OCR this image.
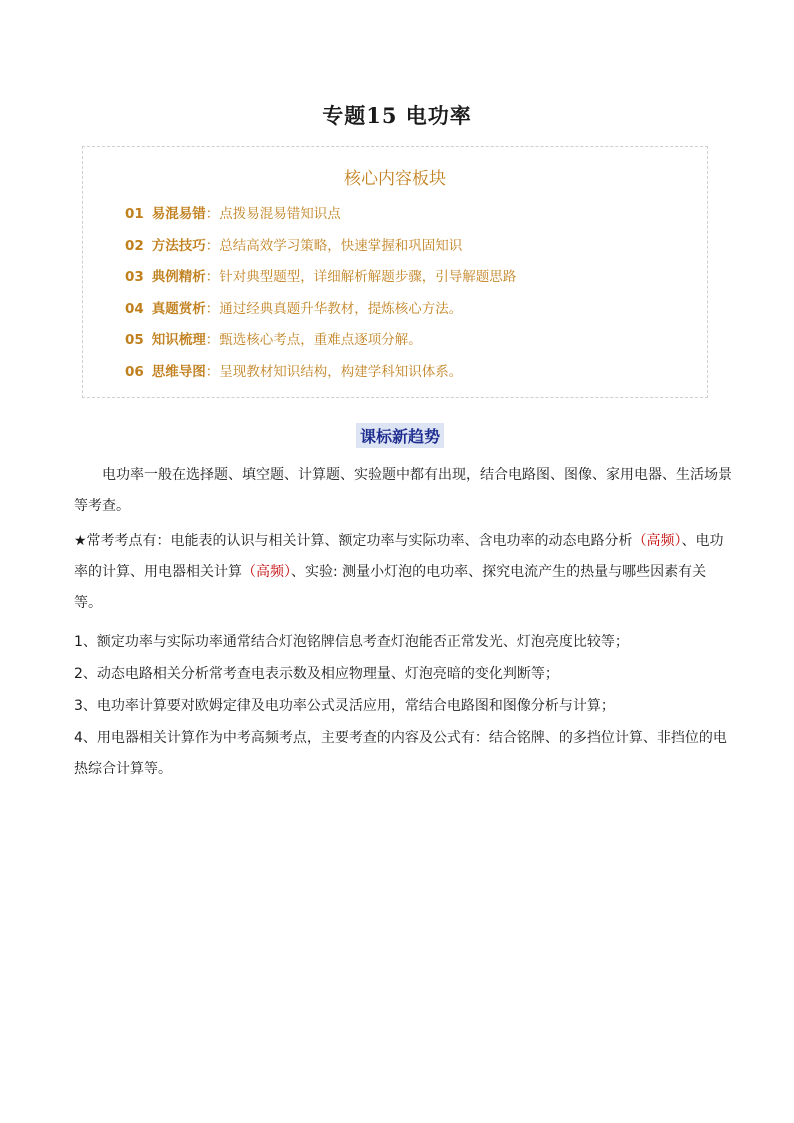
专题15 电功率
核心内容板块
01 易混易错：点拨易混易错知识点
02 方法技巧：总结高效学习策略，快速掌握和巩固知识
03 典例精析：针对典型题型，详细解析解题步骤，引导解题思路
04 真题赏析：通过经典真题升华教材，提炼核心方法。
05 知识梳理：甄选核心考点，重难点逐项分解。
06 思维导图：呈现教材知识结构，构建学科知识体系。
课标新趋势
电功率一般在选择题、填空题、计算题、实验题中都有出现，结合电路图、图像、家用电器、生活场景等考查。
★常考考点有：电能表的认识与相关计算、额定功率与实际功率、含电功率的动态电路分析（高频）、电功率的计算、用电器相关计算（高频）、实验: 测量小灯泡的电功率、探究电流产生的热量与哪些因素有关等。
1、额定功率与实际功率通常结合灯泡铭牌信息考查灯泡能否正常发光、灯泡亮度比较等；
2、动态电路相关分析常考查电表示数及相应物理量、灯泡亮暗的变化判断等；
3、电功率计算要对欧姆定律及电功率公式灵活应用，常结合电路图和图像分析与计算；
4、用电器相关计算作为中考高频考点，主要考查的内容及公式有：结合铭牌、的多挡位计算、非挡位的电热综合计算等。
